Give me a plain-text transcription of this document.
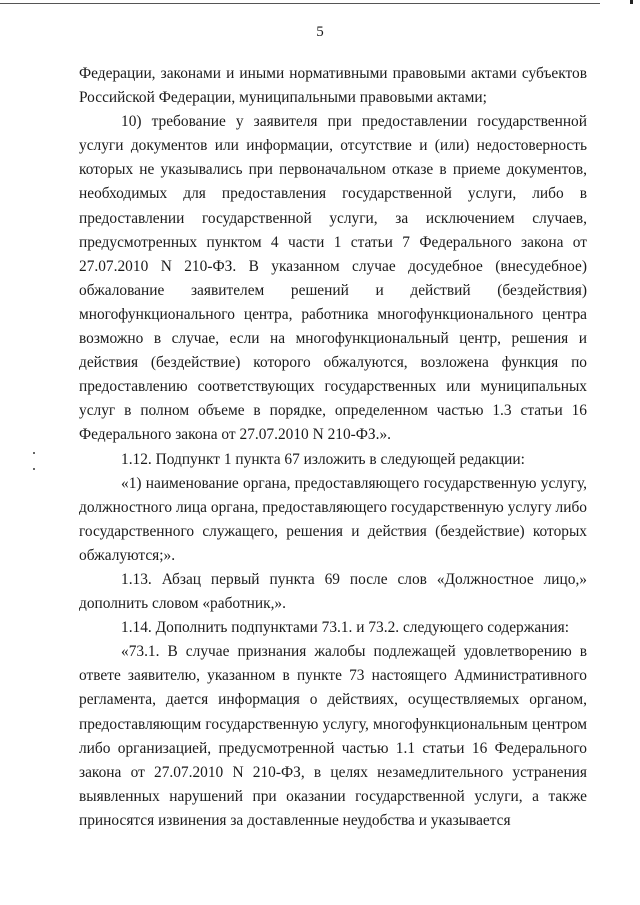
5

Федерации, законами и иными нормативными правовыми актами субъектов Российской Федерации, муниципальными правовыми актами;

10) требование у заявителя при предоставлении государственной услуги документов или информации, отсутствие и (или) недостоверность которых не указывались при первоначальном отказе в приеме документов, необходимых для предоставления государственной услуги, либо в предоставлении государственной услуги, за исключением случаев, предусмотренных пунктом 4 части 1 статьи 7 Федерального закона от 27.07.2010 N 210-ФЗ. В указанном случае досудебное (внесудебное) обжалование заявителем решений и действий (бездействия) многофункционального центра, работника многофункционального центра возможно в случае, если на многофункциональный центр, решения и действия (бездействие) которого обжалуются, возложена функция по предоставлению соответствующих государственных или муниципальных услуг в полном объеме в порядке, определенном частью 1.3 статьи 16 Федерального закона от 27.07.2010 N 210-ФЗ.».

1.12. Подпункт 1 пункта 67 изложить в следующей редакции:

«1) наименование органа, предоставляющего государственную услугу, должностного лица органа, предоставляющего государственную услугу либо государственного служащего, решения и действия (бездействие) которых обжалуются;».

1.13. Абзац первый пункта 69 после слов «Должностное лицо,» дополнить словом «работник,».

1.14. Дополнить подпунктами 73.1. и 73.2. следующего содержания:

«73.1. В случае признания жалобы подлежащей удовлетворению в ответе заявителю, указанном в пункте 73 настоящего Административного регламента, дается информация о действиях, осуществляемых органом, предоставляющим государственную услугу, многофункциональным центром либо организацией, предусмотренной частью 1.1 статьи 16 Федерального закона от 27.07.2010 N 210-ФЗ, в целях незамедлительного устранения выявленных нарушений при оказании государственной услуги, а также приносятся извинения за доставленные неудобства и указывается
